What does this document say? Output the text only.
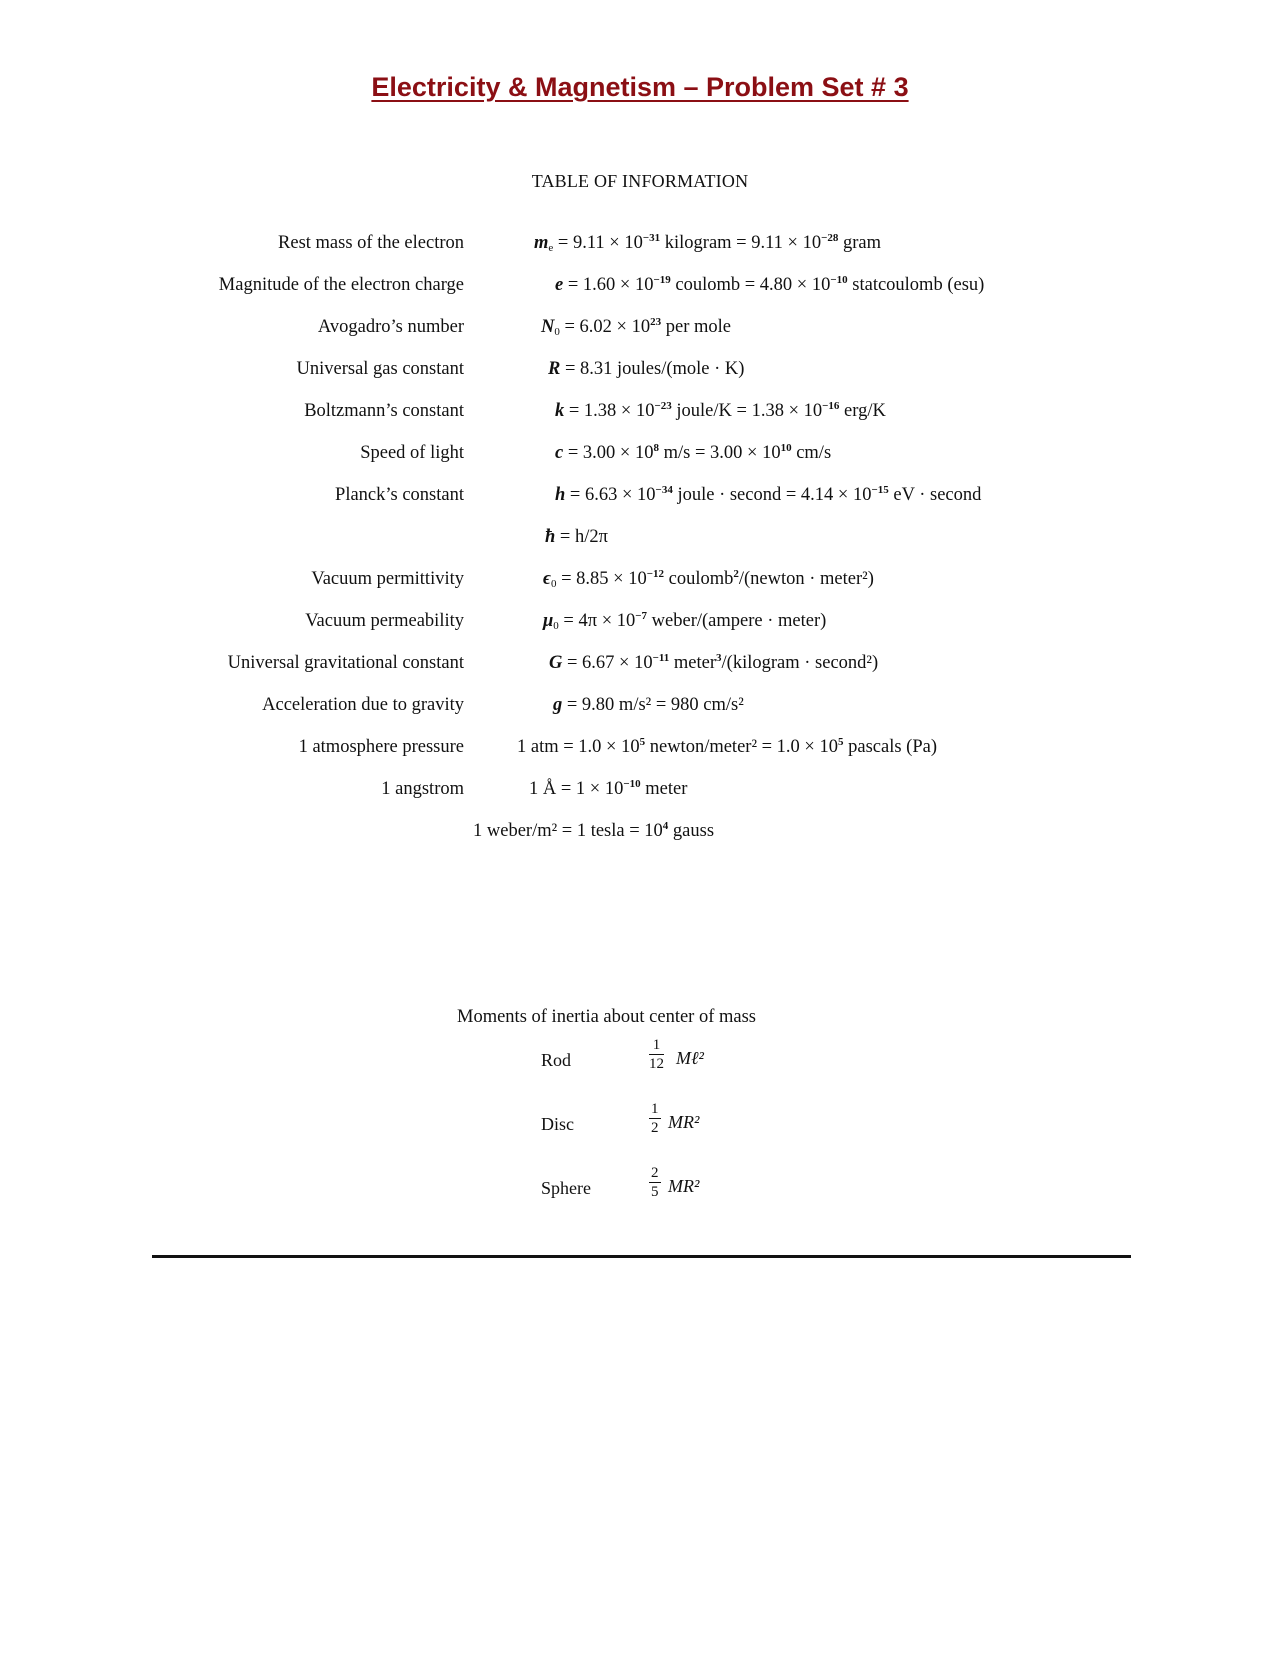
Electricity & Magnetism – Problem Set # 3
TABLE OF INFORMATION
Rest mass of the electron	$m_e = 9.11 \times 10^{-31}$ kilogram = $9.11 \times 10^{-28}$ gram
Magnitude of the electron charge	$e = 1.60 \times 10^{-19}$ coulomb = $4.80 \times 10^{-10}$ statcoulomb (esu)
Avogadro’s number	$N_0 = 6.02 \times 10^{23}$ per mole
Universal gas constant	R = 8.31 joules/(mole · K)
Boltzmann’s constant	$k = 1.38 \times 10^{-23}$ joule/K = $1.38 \times 10^{-16}$ erg/K
Speed of light	$c = 3.00 \times 10^8$ $m/s = 3.00 \times 10^{10}$ cm/s
Planck’s constant	$h = 6.63 \times 10^{-34}$ joule · second = $4.14 \times 10^{-15}$ eV · second
ħ = h/2π
Vacuum permittivity	$\epsilon_0 = 8.85 \times 10^{-12}$ coulomb$^2$/(newton · meter²)
Vacuum permeability	$\mu_0 = 4\pi \times 10^{-7}$ weber/(ampere · meter)
Universal gravitational constant	$G = 6.67 \times 10^{-11}$ meter$^3$/(kilogram · second²)
Acceleration due to gravity	g = 9.80 m/s² = 980 cm/s²
1 atmosphere pressure	1 atm = $1.0 \times 10^5$ newton/meter² = $1.0 \times 10^5$ pascals (Pa)
1 angstrom	1 Å = $1 \times 10^{-10}$ meter
1 weber/m² = 1 tesla = $10^4$ gauss
Moments of inertia about center of mass
Rod	$\frac{1}{12}$ Mℓ²
Disc	$\frac{1}{2} MR^2$
Sphere	$\frac{2}{5} MR^2$
